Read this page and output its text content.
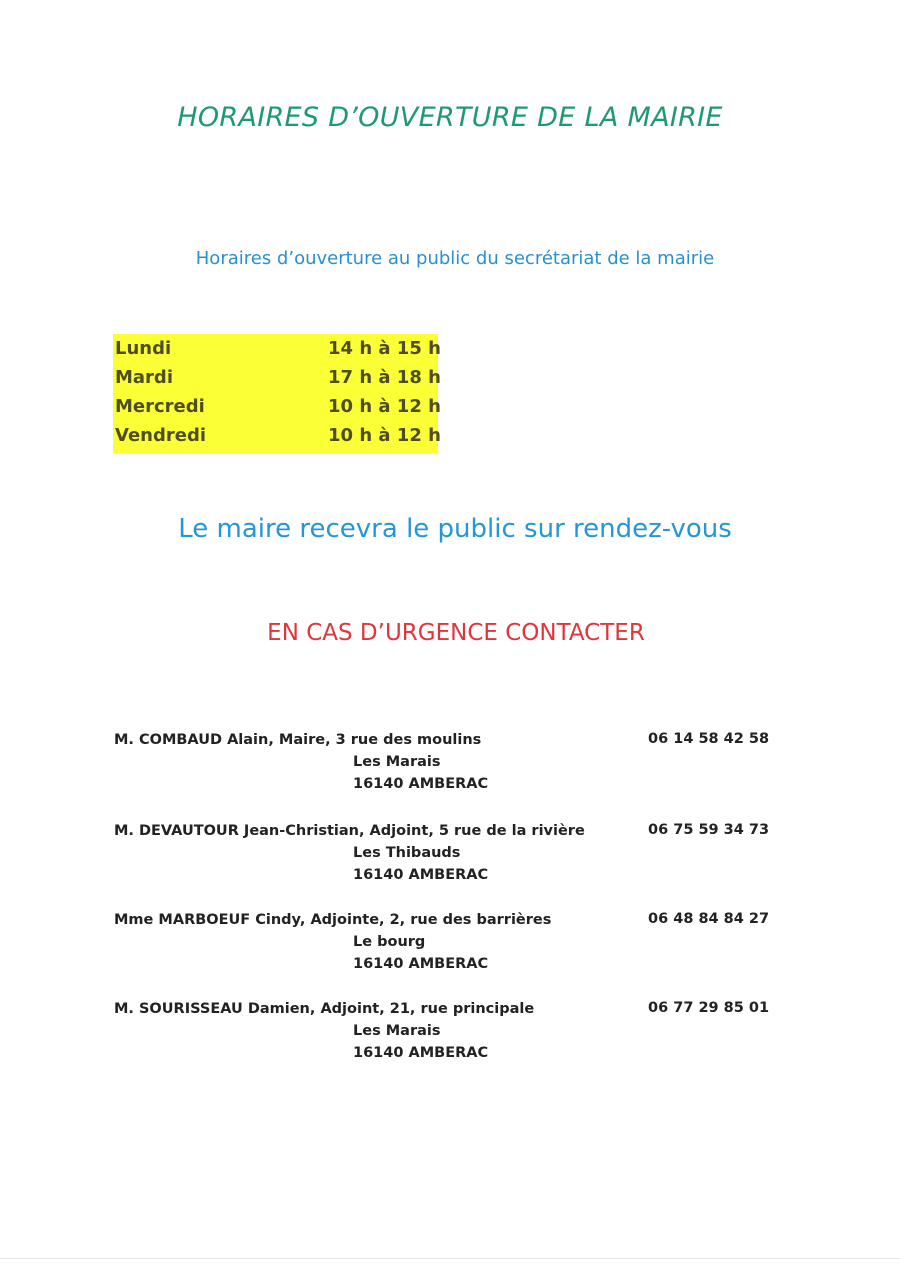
HORAIRES D’OUVERTURE DE LA MAIRIE
Horaires d’ouverture au public du secrétariat de la mairie
Lundi	14 h à 15 h
Mardi	17 h à 18 h
Mercredi	10 h à 12 h
Vendredi	10 h à 12 h
Le maire recevra le public sur rendez-vous
EN CAS D’URGENCE CONTACTER
M. COMBAUD Alain, Maire, 3 rue des moulins
Les Marais
16140 AMBERAC
06 14 58 42 58
M. DEVAUTOUR Jean-Christian, Adjoint, 5 rue de la rivière
Les Thibauds
16140 AMBERAC
06 75 59 34 73
Mme MARBOEUF Cindy, Adjointe, 2, rue des barrières
Le bourg
16140 AMBERAC
06 48 84 84 27
M. SOURISSEAU Damien, Adjoint, 21, rue principale
Les Marais
16140 AMBERAC
06 77 29 85 01
